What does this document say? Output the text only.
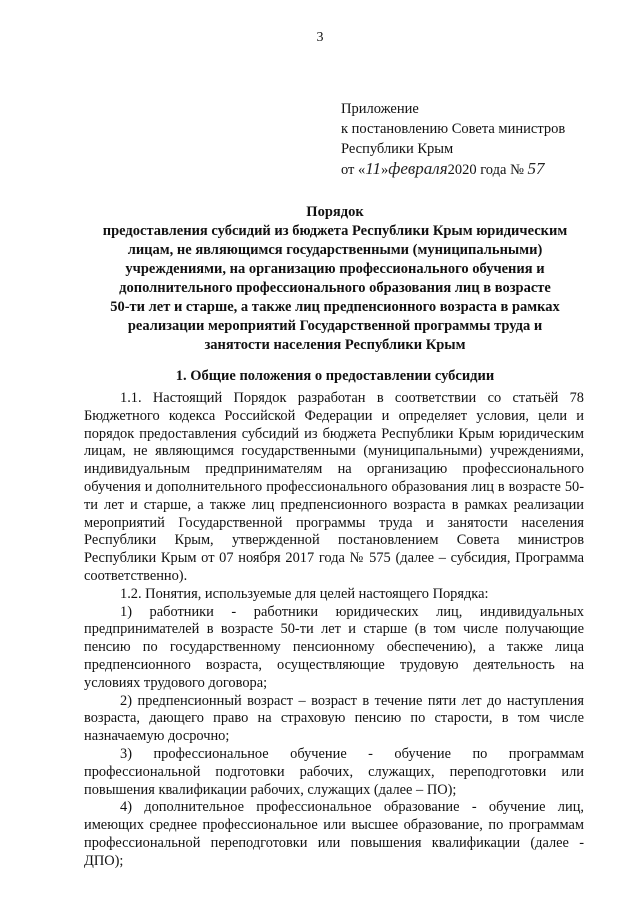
3
Приложение
к постановлению Совета министров
Республики Крым
от «11»февраля2020 года № 57
Порядок
предоставления субсидий из бюджета Республики Крым юридическим
лицам, не являющимся государственными (муниципальными)
учреждениями, на организацию профессионального обучения и
дополнительного профессионального образования лиц в возрасте
50-ти лет и старше, а также лиц предпенсионного возраста в рамках
реализации мероприятий Государственной программы труда и
занятости населения Республики Крым
1. Общие положения о предоставлении субсидии

1.1. Настоящий Порядок разработан в соответствии со статьёй 78 Бюджетного кодекса Российской Федерации и определяет условия, цели и порядок предоставления субсидий из бюджета Республики Крым юридическим лицам, не являющимся государственными (муниципальными) учреждениями, индивидуальным предпринимателям на организацию профессионального обучения и дополнительного профессионального образования лиц в возрасте 50-ти лет и старше, а также лиц предпенсионного возраста в рамках реализации мероприятий Государственной программы труда и занятости населения Республики Крым, утвержденной постановлением Совета министров Республики Крым от 07 ноября 2017 года № 575 (далее – субсидия, Программа соответственно).

1.2. Понятия, используемые для целей настоящего Порядка:

1) работники - работники юридических лиц, индивидуальных предпринимателей в возрасте 50-ти лет и старше (в том числе получающие пенсию по государственному пенсионному обеспечению), а также лица предпенсионного возраста, осуществляющие трудовую деятельность на условиях трудового договора;

2) предпенсионный возраст – возраст в течение пяти лет до наступления возраста, дающего право на страховую пенсию по старости, в том числе назначаемую досрочно;

3) профессиональное обучение - обучение по программам профессиональной подготовки рабочих, служащих, переподготовки или повышения квалификации рабочих, служащих (далее – ПО);

4) дополнительное профессиональное образование - обучение лиц, имеющих среднее профессиональное или высшее образование, по программам профессиональной переподготовки или повышения квалификации (далее - ДПО);
